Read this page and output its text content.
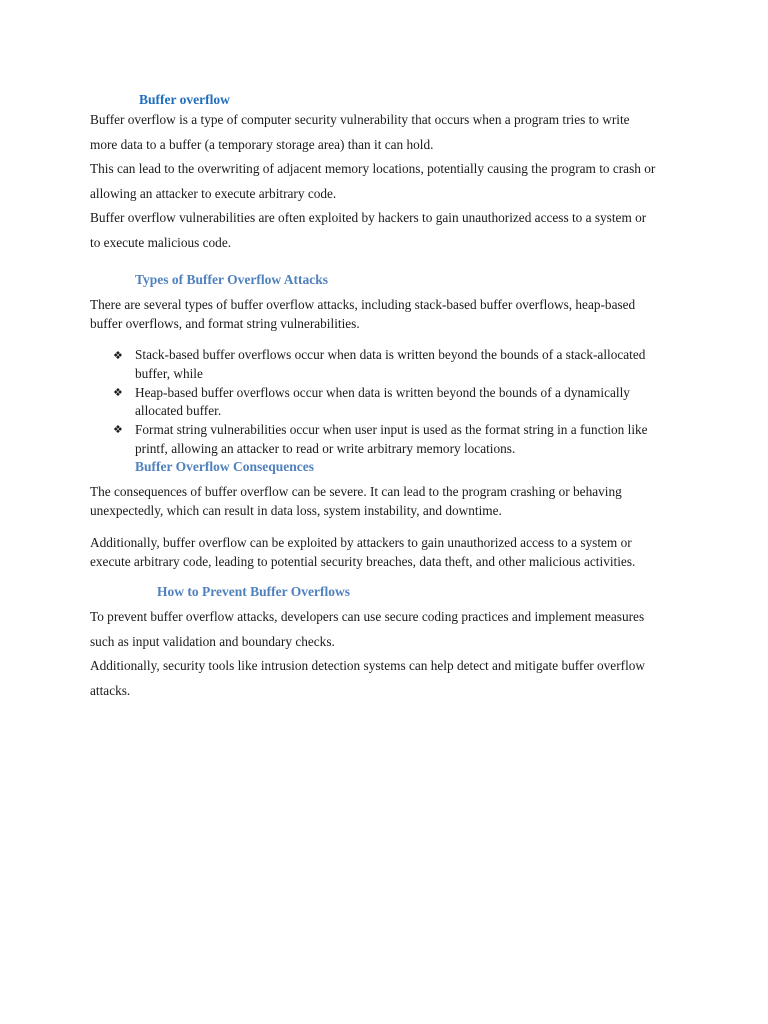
Buffer overflow

Buffer overflow is a type of computer security vulnerability that occurs when a program tries to write

more data to a buffer (a temporary storage area) than it can hold.

This can lead to the overwriting of adjacent memory locations, potentially causing the program to crash or

allowing an attacker to execute arbitrary code.

Buffer overflow vulnerabilities are often exploited by hackers to gain unauthorized access to a system or

to execute malicious code.

Types of Buffer Overflow Attacks

There are several types of buffer overflow attacks, including stack-based buffer overflows, heap-based

buffer overflows, and format string vulnerabilities.

❖ Stack-based buffer overflows occur when data is written beyond the bounds of a stack-allocated

buffer, while

❖ Heap-based buffer overflows occur when data is written beyond the bounds of a dynamically

allocated buffer.

❖ Format string vulnerabilities occur when user input is used as the format string in a function like

printf, allowing an attacker to read or write arbitrary memory locations.

Buffer Overflow Consequences

The consequences of buffer overflow can be severe. It can lead to the program crashing or behaving

unexpectedly, which can result in data loss, system instability, and downtime.

Additionally, buffer overflow can be exploited by attackers to gain unauthorized access to a system or

execute arbitrary code, leading to potential security breaches, data theft, and other malicious activities.

How to Prevent Buffer Overflows

To prevent buffer overflow attacks, developers can use secure coding practices and implement measures

such as input validation and boundary checks.

Additionally, security tools like intrusion detection systems can help detect and mitigate buffer overflow

attacks.
